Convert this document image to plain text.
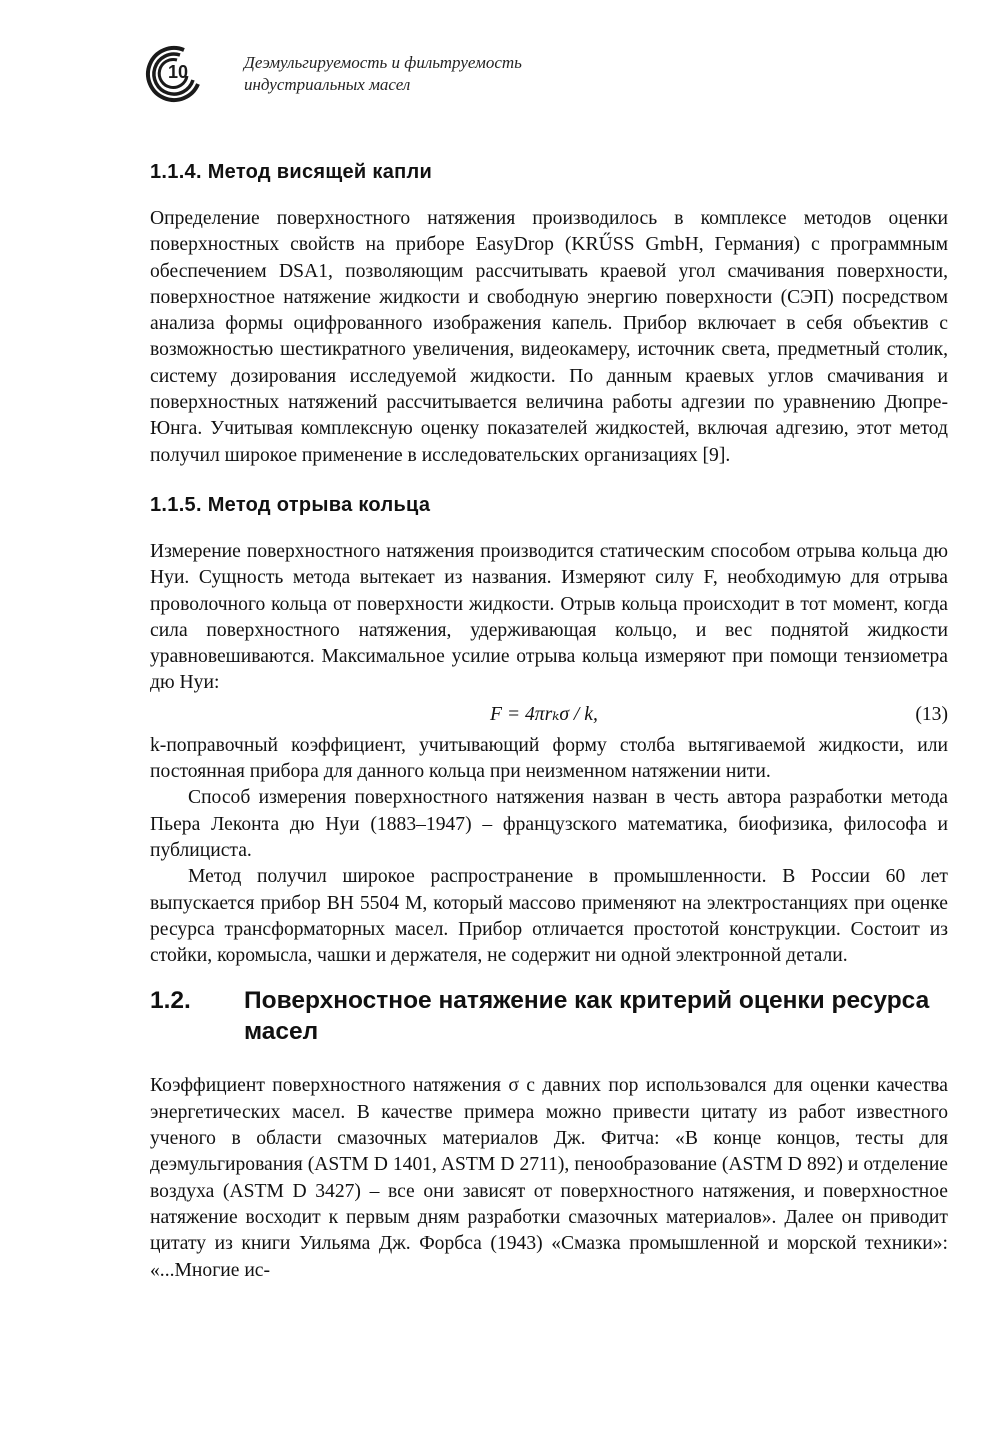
10	Деэмульгируемость и фильтруемость
индустриальных масел
1.1.4. Метод висящей капли

Определение поверхностного натяжения производилось в комплексе методов оценки поверхностных свойств на приборе EasyDrop (KRŰSS GmbH, Германия) с программным обеспечением DSA1, позволяющим рассчитывать краевой угол смачивания поверхности, поверхностное натяжение жидкости и свободную энергию поверхности (СЭП) посредством анализа формы оцифрованного изображения капель. Прибор включает в себя объектив с возможностью шестикратного увеличения, видеокамеру, источник света, предметный столик, систему дозирования исследуемой жидкости. По данным краевых углов смачивания и поверхностных натяжений рассчитывается величина работы адгезии по уравнению Дюпре-Юнга. Учитывая комплексную оценку показателей жидкостей, включая адгезию, этот метод получил широкое применение в исследовательских организациях [9].

1.1.5. Метод отрыва кольца

Измерение поверхностного натяжения производится статическим способом отрыва кольца дю Нуи. Сущность метода вытекает из названия. Измеряют силу F, необходимую для отрыва проволочного кольца от поверхности жидкости. Отрыв кольца происходит в тот момент, когда сила поверхностного натяжения, удерживающая кольцо, и вес поднятой жидкости уравновешиваются. Максимальное усилие отрыва кольца измеряют при помощи тензиометра дю Нуи:

F = 4πrₖσ / k,	(13)

k-поправочный коэффициент, учитывающий форму столба вытягиваемой жидкости, или постоянная прибора для данного кольца при неизменном натяжении нити.

Способ измерения поверхностного натяжения назван в честь автора разработки метода Пьера Леконта дю Нуи (1883–1947) – французского математика, биофизика, философа и публициста.

Метод получил широкое распространение в промышленности. В России 60 лет выпускается прибор ВН 5504 М, который массово применяют на электростанциях при оценке ресурса трансформаторных масел. Прибор отличается простотой конструкции. Состоит из стойки, коромысла, чашки и держателя, не содержит ни одной электронной детали.

1.2. Поверхностное натяжение как критерий оценки ресурса масел

Коэффициент поверхностного натяжения σ с давних пор использовался для оценки качества энергетических масел. В качестве примера можно привести цитату из работ известного ученого в области смазочных материалов Дж. Фитча: «В конце концов, тесты для деэмульгирования (ASTM D 1401, ASTM D 2711), пенообразование (ASTM D 892) и отделение воздуха (ASTM D 3427) – все они зависят от поверхностного натяжения, и поверхностное натяжение восходит к первым дням разработки смазочных материалов». Далее он приводит цитату из книги Уильяма Дж. Форбса (1943) «Смазка промышленной и морской техники»: «...Многие ис-
